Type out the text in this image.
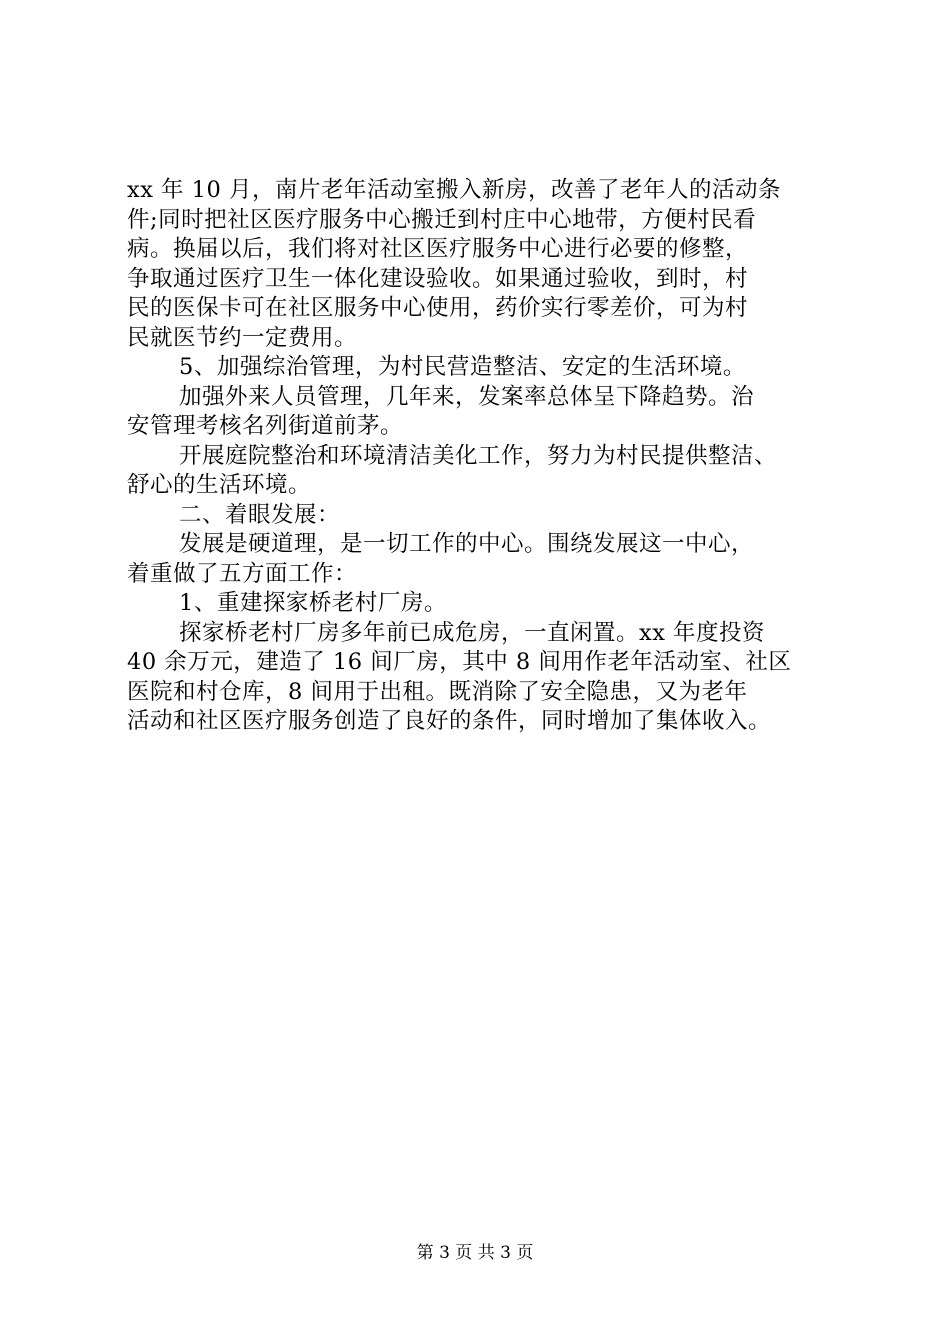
xx 年 10 月，南片老年活动室搬入新房，改善了老年人的活动条
件;同时把社区医疗服务中心搬迁到村庄中心地带，方便村民看
病。换届以后，我们将对社区医疗服务中心进行必要的修整，
争取通过医疗卫生一体化建设验收。如果通过验收，到时，村
民的医保卡可在社区服务中心使用，药价实行零差价，可为村
民就医节约一定费用。

5、加强综治管理，为村民营造整洁、安定的生活环境。

加强外来人员管理，几年来，发案率总体呈下降趋势。治
安管理考核名列街道前茅。

开展庭院整治和环境清洁美化工作，努力为村民提供整洁、
舒心的生活环境。

二、着眼发展：

发展是硬道理，是一切工作的中心。围绕发展这一中心，
着重做了五方面工作：

1、重建探家桥老村厂房。

探家桥老村厂房多年前已成危房，一直闲置。xx 年度投资
40 余万元，建造了 16 间厂房，其中 8 间用作老年活动室、社区
医院和村仓库，8 间用于出租。既消除了安全隐患，又为老年
活动和社区医疗服务创造了良好的条件，同时增加了集体收入。

第 3 页 共 3 页
